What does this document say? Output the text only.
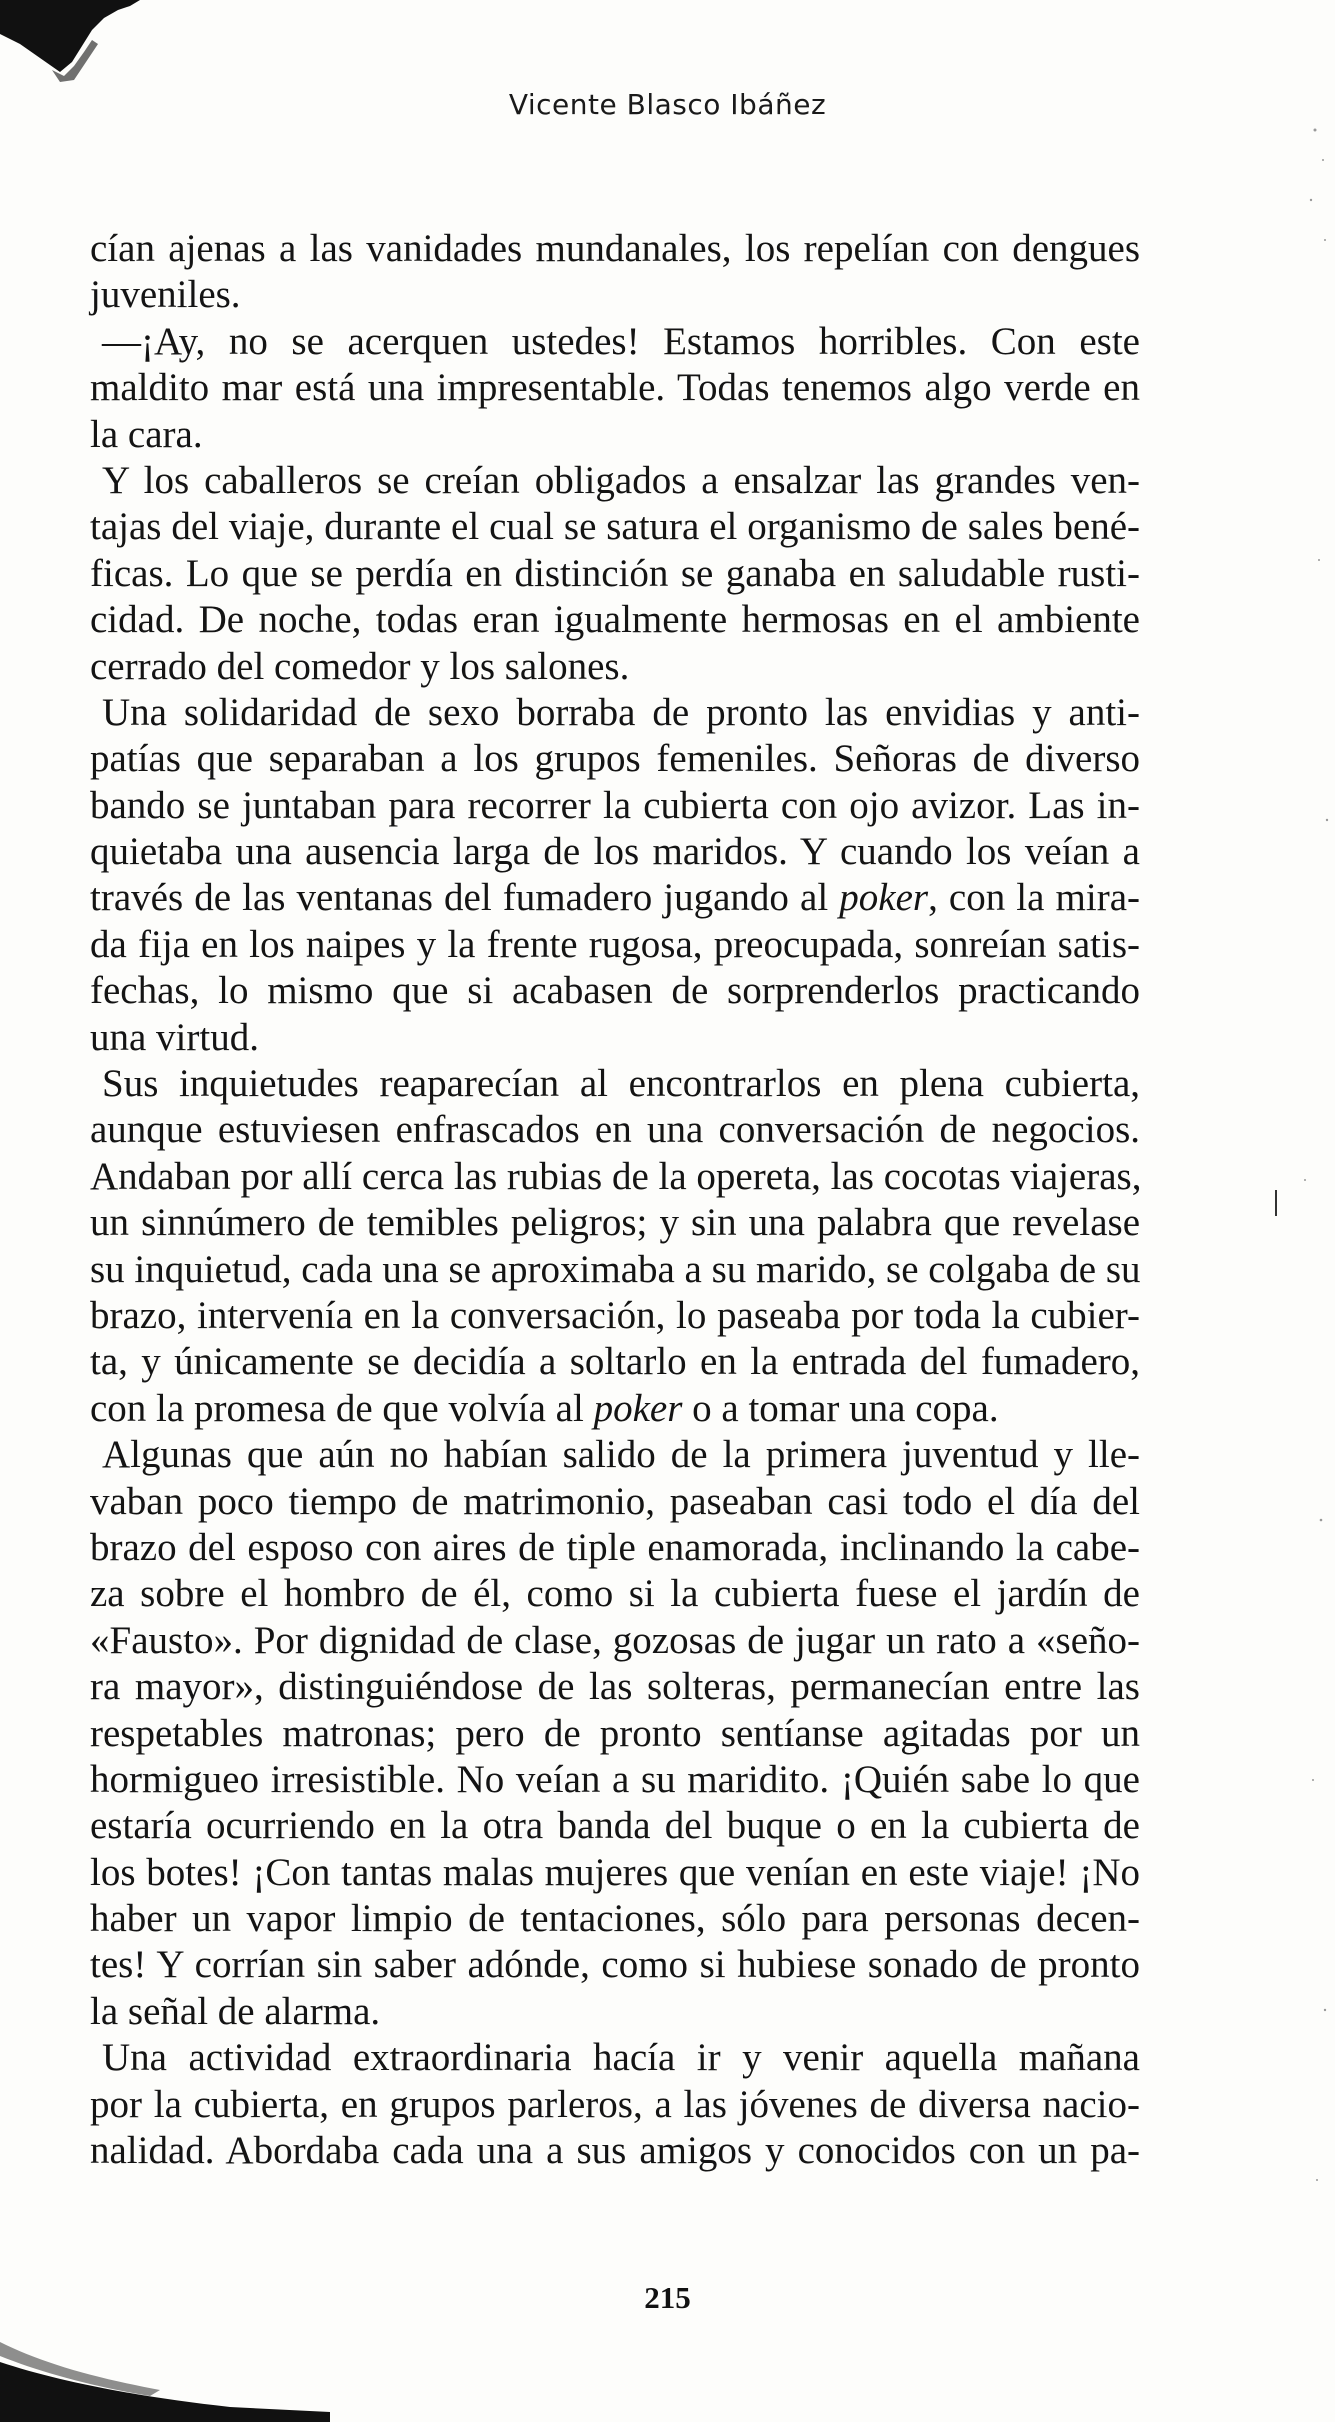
Vicente Blasco Ibáñez
cían ajenas a las vanidades mundanales, los repelían con dengues
juveniles.
—¡Ay, no se acerquen ustedes! Estamos horribles. Con este
maldito mar está una impresentable. Todas tenemos algo verde en
la cara.
Y los caballeros se creían obligados a ensalzar las grandes ven-
tajas del viaje, durante el cual se satura el organismo de sales bené-
ficas. Lo que se perdía en distinción se ganaba en saludable rusti-
cidad. De noche, todas eran igualmente hermosas en el ambiente
cerrado del comedor y los salones.
Una solidaridad de sexo borraba de pronto las envidias y anti-
patías que separaban a los grupos femeniles. Señoras de diverso
bando se juntaban para recorrer la cubierta con ojo avizor. Las in-
quietaba una ausencia larga de los maridos. Y cuando los veían a
través de las ventanas del fumadero jugando al poker, con la mira-
da fija en los naipes y la frente rugosa, preocupada, sonreían satis-
fechas, lo mismo que si acabasen de sorprenderlos practicando
una virtud.
Sus inquietudes reaparecían al encontrarlos en plena cubierta,
aunque estuviesen enfrascados en una conversación de negocios.
Andaban por allí cerca las rubias de la opereta, las cocotas viajeras,
un sinnúmero de temibles peligros; y sin una palabra que revelase
su inquietud, cada una se aproximaba a su marido, se colgaba de su
brazo, intervenía en la conversación, lo paseaba por toda la cubier-
ta, y únicamente se decidía a soltarlo en la entrada del fumadero,
con la promesa de que volvía al poker o a tomar una copa.
Algunas que aún no habían salido de la primera juventud y lle-
vaban poco tiempo de matrimonio, paseaban casi todo el día del
brazo del esposo con aires de tiple enamorada, inclinando la cabe-
za sobre el hombro de él, como si la cubierta fuese el jardín de
«Fausto». Por dignidad de clase, gozosas de jugar un rato a «seño-
ra mayor», distinguiéndose de las solteras, permanecían entre las
respetables matronas; pero de pronto sentíanse agitadas por un
hormigueo irresistible. No veían a su maridito. ¡Quién sabe lo que
estaría ocurriendo en la otra banda del buque o en la cubierta de
los botes! ¡Con tantas malas mujeres que venían en este viaje! ¡No
haber un vapor limpio de tentaciones, sólo para personas decen-
tes! Y corrían sin saber adónde, como si hubiese sonado de pronto
la señal de alarma.
Una actividad extraordinaria hacía ir y venir aquella mañana
por la cubierta, en grupos parleros, a las jóvenes de diversa nacio-
nalidad. Abordaba cada una a sus amigos y conocidos con un pa-
215
